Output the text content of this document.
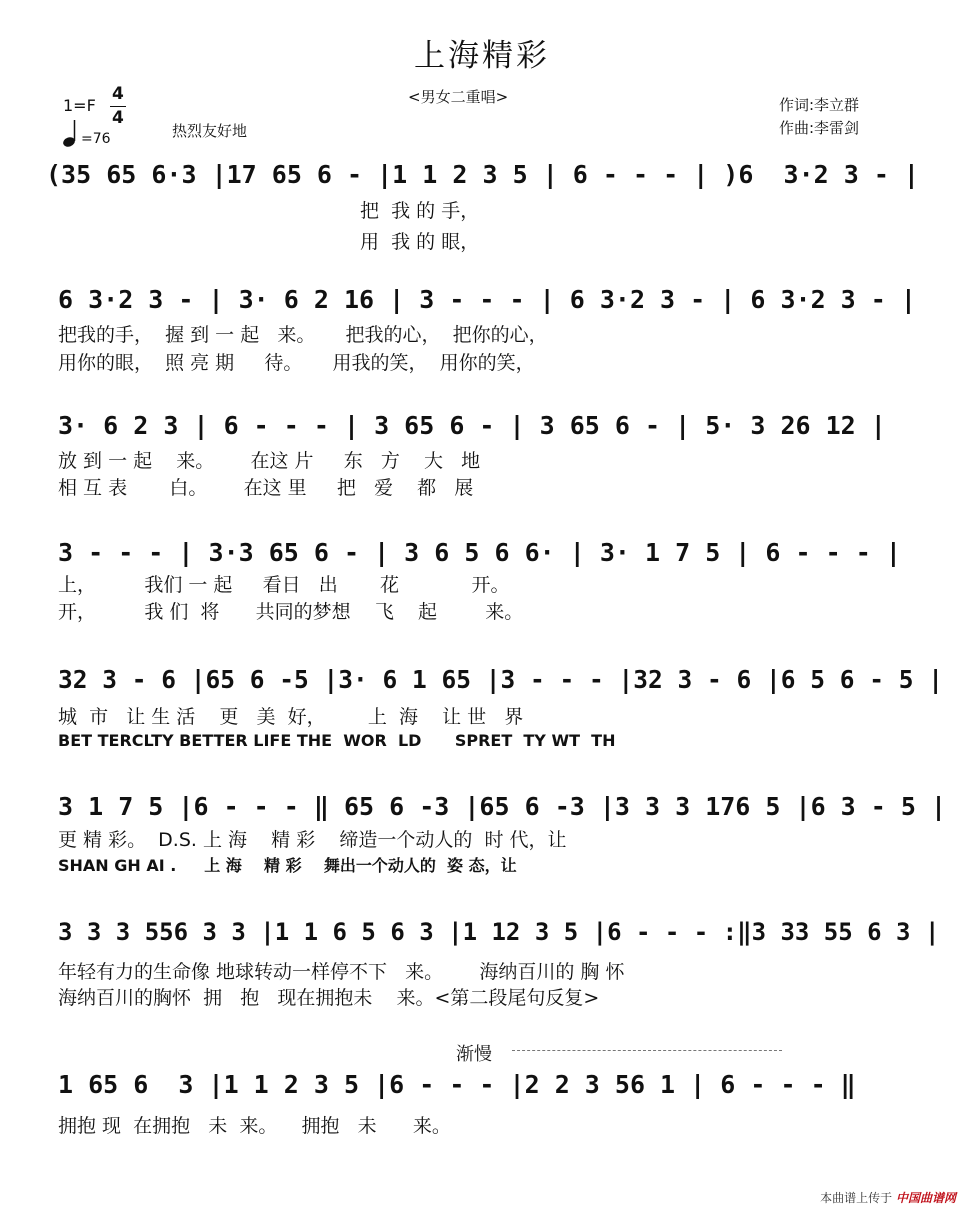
上海精彩
<男女二重唱>	作词:李立群
作曲:李雷剑
1=F
4
4
=76	热烈友好地
(35 65 6·3 |17 65 6 - |1 1 2 3 5 | 6 - - - | )6  3·2 3 - |
把  我 的 手，
用  我 的 眼，
6 3·2 3 - | 3· 6 2 16 | 3 - - - | 6 3·2 3 - | 6 3·2 3 - |
把我的手，  握 到 一 起   来。     把我的心，  把你的心，
用你的眼，  照 亮 期     待。     用我的笑，  用你的笑，
3· 6 2 3 | 6 - - - | 3 65 6 - | 3 65 6 - | 5· 3 26 12 |
放 到 一 起    来。      在这 片     东   方    大   地
相 互 表       白。      在这 里     把   爱    都   展
3 - - - | 3·3 65 6 - | 3 6 5 6 6· | 3· 1 7 5 | 6 - - - |
上，        我们 一 起     看日   出       花            开。
开，        我 们  将      共同的梦想    飞    起        来。
32 3 - 6 |65 6 -5 |3· 6 1 65 |3 - - - |32 3 - 6 |6 5 6 - 5 |
城  市   让 生 活    更   美  好，       上  海    让 世   界
BET TERCLTY BETTER LIFE THE  WOR  LD      SPRET  TY WT  TH
3 1 7 5 |6 - - - ‖ 65 6 -3 |65 6 -3 |3 3 3 176 5 |6 3 - 5 |
更 精 彩。  D.S. 上 海    精 彩    缔造一个动人的  时 代，让
SHAN GH AI .     上 海    精 彩    舞出一个动人的  姿 态，让
3 3 3 556 3 3 |1 1 6 5 6 3 |1 12 3 5 |6 - - - :‖3 33 55 6 3 |
年轻有力的生命像 地球转动一样停不下   来。      海纳百川的 胸 怀
海纳百川的胸怀  拥   抱   现在拥抱未    来。<第二段尾句反复>
渐慢
1 65 6  3 |1 1 2 3 5 |6 - - - |2 2 3 56 1 | 6 - - - ‖
拥抱 现  在拥抱   未  来。    拥抱   未      来。
本曲谱上传于 中国曲谱网
